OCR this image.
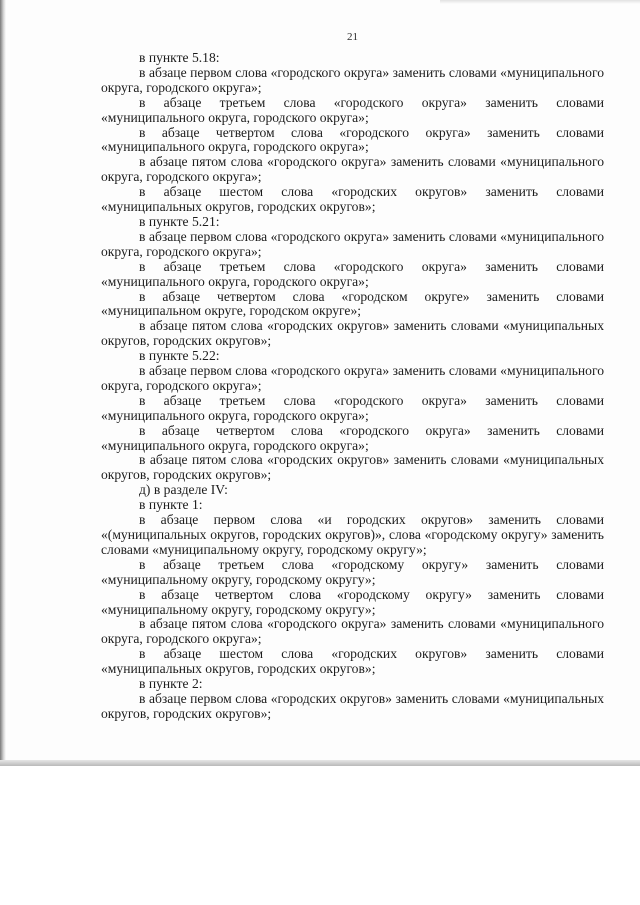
21

в пункте 5.18:

в абзаце первом слова «городского округа» заменить словами «муниципального округа, городского округа»;

в абзаце третьем слова «городского округа» заменить словами «муниципального округа, городского округа»;

в абзаце четвертом слова «городского округа» заменить словами «муниципального округа, городского округа»;

в абзаце пятом слова «городского округа» заменить словами «муниципального округа, городского округа»;

в абзаце шестом слова «городских округов» заменить словами «муниципальных округов, городских округов»;

в пункте 5.21:

в абзаце первом слова «городского округа» заменить словами «муниципального округа, городского округа»;

в абзаце третьем слова «городского округа» заменить словами «муниципального округа, городского округа»;

в абзаце четвертом слова «городском округе» заменить словами «муниципальном округе, городском округе»;

в абзаце пятом слова «городских округов» заменить словами «муниципальных округов, городских округов»;

в пункте 5.22:

в абзаце первом слова «городского округа» заменить словами «муниципального округа, городского округа»;

в абзаце третьем слова «городского округа» заменить словами «муниципального округа, городского округа»;

в абзаце четвертом слова «городского округа» заменить словами «муниципального округа, городского округа»;

в абзаце пятом слова «городских округов» заменить словами «муниципальных округов, городских округов»;

д) в разделе IV:

в пункте 1:

в абзаце первом слова «и городских округов» заменить словами «(муниципальных округов, городских округов)», слова «городскому округу» заменить словами «муниципальному округу, городскому округу»;

в абзаце третьем слова «городскому округу» заменить словами «муниципальному округу, городскому округу»;

в абзаце четвертом слова «городскому округу» заменить словами «муниципальному округу, городскому округу»;

в абзаце пятом слова «городского округа» заменить словами «муниципального округа, городского округа»;

в абзаце шестом слова «городских округов» заменить словами «муниципальных округов, городских округов»;

в пункте 2:

в абзаце первом слова «городских округов» заменить словами «муниципальных округов, городских округов»;
